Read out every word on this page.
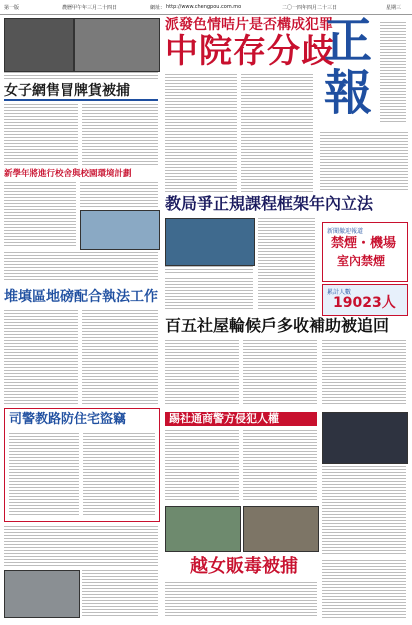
第一版	農曆甲午年三月二十四日	網址： http://www.chengpou.com.mo	二〇一四年四月二十三日	星期三
女子網售冒牌貨被捕
新學年將進行校舍與校園環境計劃
派發色情咭片是否構成犯罪
中院存分歧
正
報
教局爭正規課程框架年內立法
新聞撤迎報道
禁煙・機場
室內禁煙
累計人數
19023人
堆填區地磅配合執法工作
百五社屋輪候戶多收補助被追回
司警教路防住宅盜竊	踢社通商警方侵犯人權
越女販毒被捕
